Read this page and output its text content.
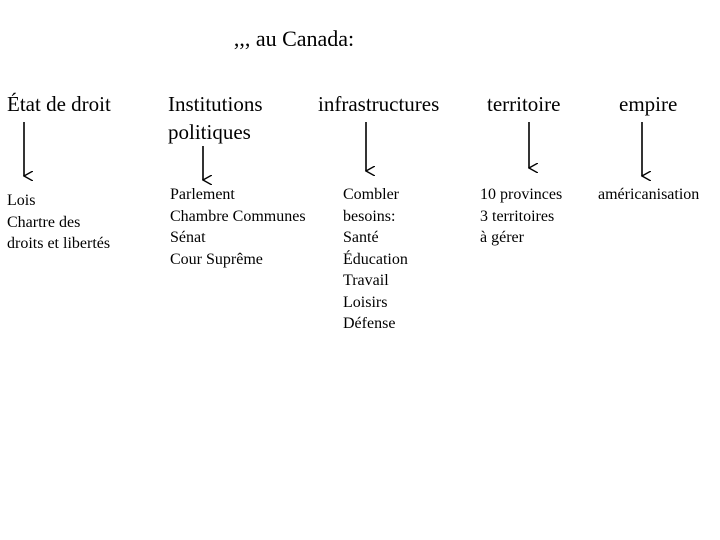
,,, au Canada:
État de droit
Lois
Chartre des
droits et libertés
Institutions
politiques
Parlement
Chambre Communes
Sénat
Cour Suprême
infrastructures
Combler
besoins:
Santé
Éducation
Travail
Loisirs
Défense
territoire
10 provinces
3 territoires
à gérer
empire
américanisation
